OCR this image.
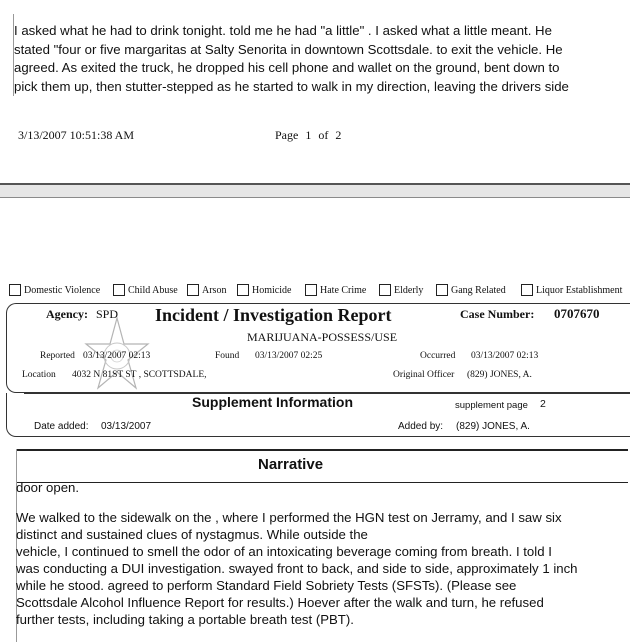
I asked what he had to drink tonight. told me he had "a little" . I asked what a little meant. He
stated "four or five margaritas at Salty Senorita in downtown Scottsdale. to exit the vehicle. He
agreed. As exited the truck, he dropped his cell phone and wallet on the ground, bent down to
pick them up, then stutter-stepped as he started to walk in my direction, leaving the drivers side
3/13/2007 10:51:38 AM	Page 1 of 2
Domestic Violence	Child Abuse Arson	Homicide	Hate Crime	Elderly	Gang Related	Liquor Establishment
Agency: SPD Incident / Investigation Report	Case Number: 0707670
MARIJUANA-POSSESS/USE
Reported 03/13/2007 02:13	Found 03/13/2007 02:25	Occurred 03/13/2007 02:13
Location 4032 N 81ST ST , SCOTTSDALE,	Original Officer (829) JONES, A.
Supplement Information	supplement page 2
Date added: 03/13/2007	Added by: (829) JONES, A.
Narrative
door open.
We walked to the sidewalk on the , where I performed the HGN test on Jerramy, and I saw six
distinct and sustained clues of nystagmus. While outside the
vehicle, I continued to smell the odor of an intoxicating beverage coming from breath. I told I
was conducting a DUI investigation. swayed front to back, and side to side, approximately 1 inch
while he stood. agreed to perform Standard Field Sobriety Tests (SFSTs). (Please see
Scottsdale Alcohol Influence Report for results.) Hoever after the walk and turn, he refused
further tests, including taking a portable breath test (PBT).
